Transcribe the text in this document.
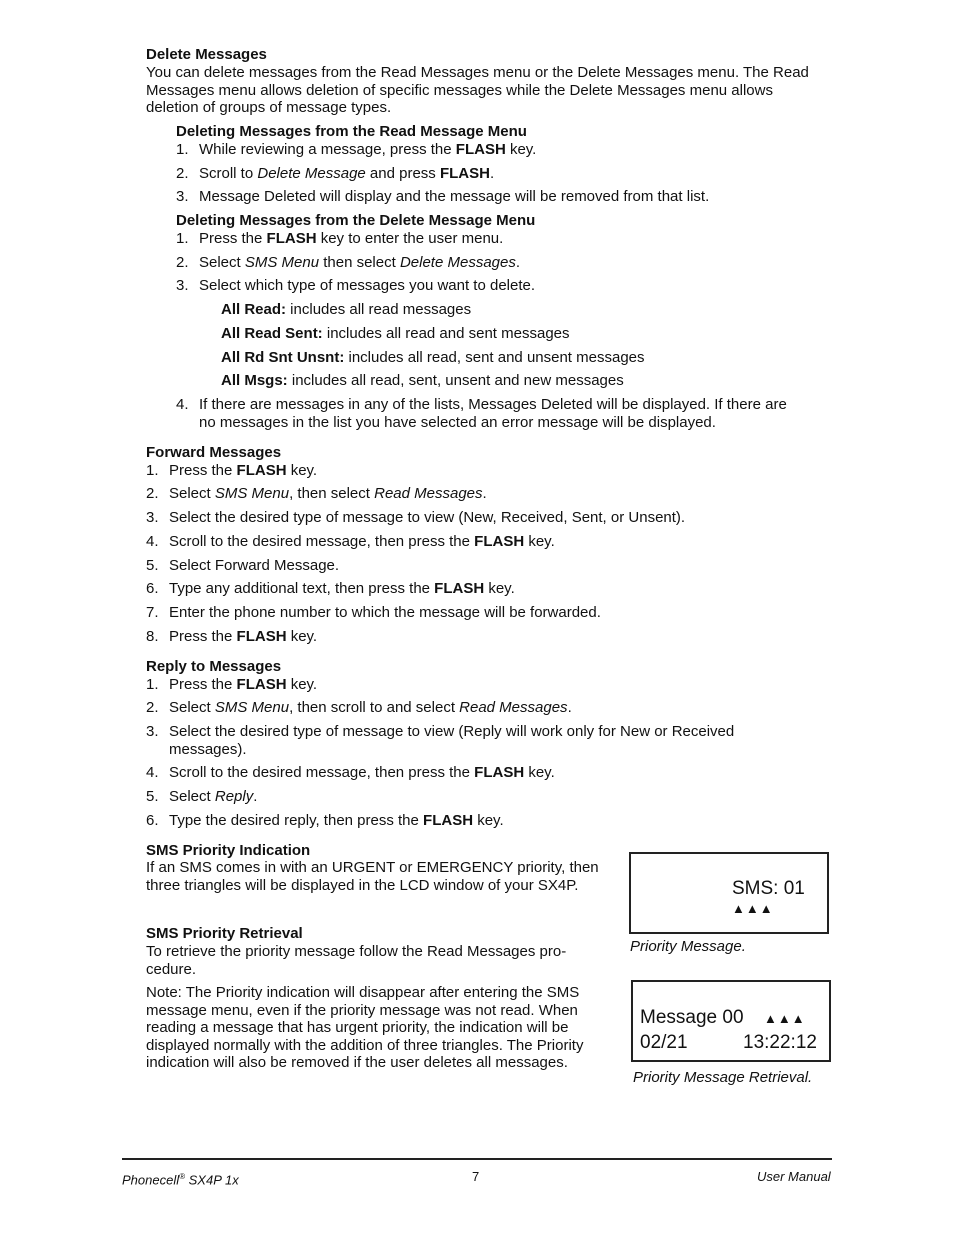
Delete Messages

You can delete messages from the Read Messages menu or the Delete Messages menu. The Read Messages menu allows deletion of specific messages while the Delete Messages menu allows deletion of groups of message types.

Deleting Messages from the Read Message Menu
1. While reviewing a message, press the FLASH key.
2. Scroll to Delete Message and press FLASH.
3. Message Deleted will display and the message will be removed from that list.
Deleting Messages from the Delete Message Menu
1. Press the FLASH key to enter the user menu.
2. Select SMS Menu then select Delete Messages.
3. Select which type of messages you want to delete.
All Read: includes all read messages
All Read Sent: includes all read and sent messages
All Rd Snt Unsnt: includes all read, sent and unsent messages
All Msgs: includes all read, sent, unsent and new messages
4. If there are messages in any of the lists, Messages Deleted will be displayed. If there are
no messages in the list you have selected an error message will be displayed.
Forward Messages
1. Press the FLASH key.
2. Select SMS Menu, then select Read Messages.
3. Select the desired type of message to view (New, Received, Sent, or Unsent).
4. Scroll to the desired message, then press the FLASH key.
5. Select Forward Message.
6. Type any additional text, then press the FLASH key.
7. Enter the phone number to which the message will be forwarded.
8. Press the FLASH key.
Reply to Messages
1. Press the FLASH key.
2. Select SMS Menu, then scroll to and select Read Messages.
3. Select the desired type of message to view (Reply will work only for New or Received
messages).
4. Scroll to the desired message, then press the FLASH key.
5. Select Reply.
6. Type the desired reply, then press the FLASH key.
SMS Priority Indication

If an SMS comes in with an URGENT or EMERGENCY priority, then three triangles will be displayed in the LCD window of your SX4P.

SMS Priority Retrieval

To retrieve the priority message follow the Read Messages pro-cedure.

Note: The Priority indication will disappear after entering the SMS message menu, even if the priority message was not read. When reading a message that has urgent priority, the indication will be displayed normally with the addition of three triangles. The Priority indication will also be removed if the user deletes all messages.

SMS: 01
▲▲▲
Priority Message.
Message 00 ▲▲▲
02/21	13:22:12
Priority Message Retrieval.
Phonecell® SX4P 1x	7	User Manual
